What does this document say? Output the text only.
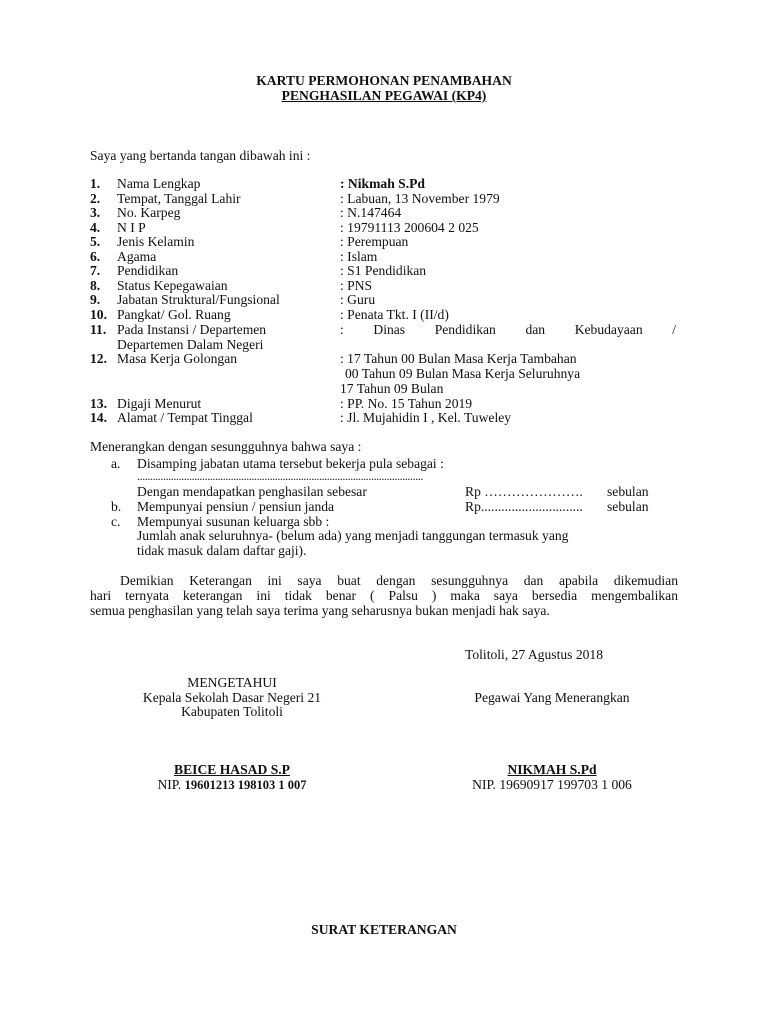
KARTU PERMOHONAN PENAMBAHAN
PENGHASILAN PEGAWAI (KP4)
Saya yang bertanda tangan dibawah ini :
1. Nama Lengkap	: Nikmah S.Pd
2. Tempat, Tanggal Lahir	: Labuan, 13 November 1979
3. No. Karpeg	: N.147464
4. N I P	: 19791113 200604 2 025
5. Jenis Kelamin	: Perempuan
6. Agama	: Islam
7. Pendidikan	: S1 Pendidikan
8. Status Kepegawaian	: PNS
9. Jabatan Struktural/Fungsional	: Guru
10. Pangkat/ Gol. Ruang	: Penata Tkt. I (II/d)
11. Pada Instansi / Departemen	: Dinas Pendidikan dan Kebudayaan /
Departemen Dalam Negeri
12. Masa Kerja Golongan	: 17 Tahun 00 Bulan Masa Kerja Tambahan
00 Tahun 09 Bulan Masa Kerja Seluruhnya
17 Tahun 09 Bulan
13. Digaji Menurut	: PP. No. 15 Tahun 2019
14. Alamat / Tempat Tinggal	: Jl. Mujahidin I , Kel. Tuweley
Menerangkan dengan sesungguhnya bahwa saya :
a. Disamping jabatan utama tersebut bekerja pula sebagai :
..............................................................................................................
Dengan mendapatkan penghasilan sebesar	Rp …………………. sebulan
b. Mempunyai pensiun / pensiun janda	Rp.............................. sebulan
c. Mempunyai susunan keluarga sbb :
Jumlah anak seluruhnya- (belum ada) yang menjadi tanggungan termasuk yang
tidak masuk dalam daftar gaji).
Demikian Keterangan ini saya buat dengan sesungguhnya dan apabila dikemudian
hari ternyata keterangan ini tidak benar ( Palsu ) maka saya bersedia mengembalikan
semua penghasilan yang telah saya terima yang seharusnya bukan menjadi hak saya.
Tolitoli, 27 Agustus 2018
MENGETAHUI
Kepala Sekolah Dasar Negeri 21
Kabupaten Tolitoli
BEICE HASAD S.P
NIP. 19601213 198103 1 007
Pegawai Yang Menerangkan
NIKMAH S.Pd
NIP. 19690917 199703 1 006
SURAT KETERANGAN
